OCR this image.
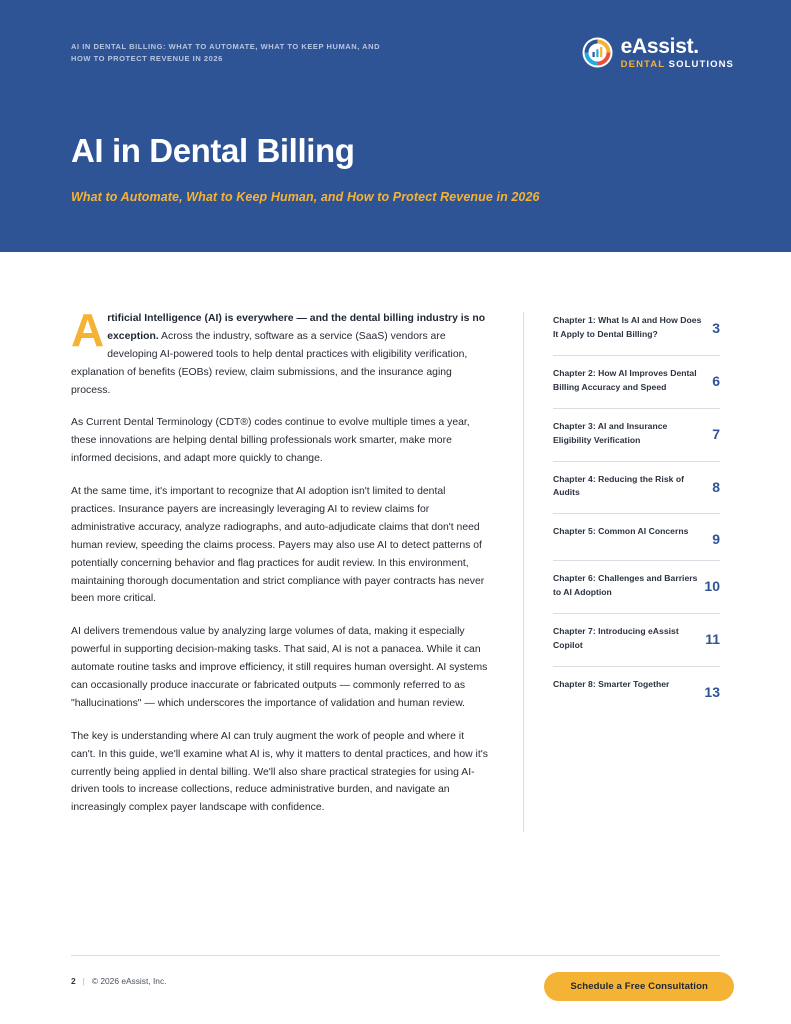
AI IN DENTAL BILLING: WHAT TO AUTOMATE, WHAT TO KEEP HUMAN, AND HOW TO PROTECT REVENUE IN 2026
eAssist.
DENTAL SOLUTIONS
AI in Dental Billing
What to Automate, What to Keep Human, and How to Protect Revenue in 2026

Artificial Intelligence (AI) is everywhere — and the dental billing industry is no exception. Across the industry, software as a service (SaaS) vendors are developing AI-powered tools to help dental practices with eligibility verification, explanation of benefits (EOBs) review, claim submissions, and the insurance aging process.

As Current Dental Terminology (CDT®) codes continue to evolve multiple times a year, these innovations are helping dental billing professionals work smarter, make more informed decisions, and adapt more quickly to change.

At the same time, it's important to recognize that AI adoption isn't limited to dental practices. Insurance payers are increasingly leveraging AI to review claims for administrative accuracy, analyze radiographs, and auto-adjudicate claims that don't need human review, speeding the claims process. Payers may also use AI to detect patterns of potentially concerning behavior and flag practices for audit review. In this environment, maintaining thorough documentation and strict compliance with payer contracts has never been more critical.

AI delivers tremendous value by analyzing large volumes of data, making it especially powerful in supporting decision-making tasks. That said, AI is not a panacea. While it can automate routine tasks and improve efficiency, it still requires human oversight. AI systems can occasionally produce inaccurate or fabricated outputs — commonly referred to as "hallucinations" — which underscores the importance of validation and human review.

The key is understanding where AI can truly augment the work of people and where it can't. In this guide, we'll examine what AI is, why it matters to dental practices, and how it's currently being applied in dental billing. We'll also share practical strategies for using AI-driven tools to increase collections, reduce administrative burden, and navigate an increasingly complex payer landscape with confidence.

Chapter 1: What Is AI and How Does It Apply to Dental Billing?	3
Chapter 2: How AI Improves Dental Billing Accuracy and Speed	6
Chapter 3: AI and Insurance Eligibility Verification	7
Chapter 4: Reducing the Risk of Audits	8
Chapter 5: Common AI Concerns 9
Chapter 6: Challenges and Barriers to AI Adoption	10
Chapter 7: Introducing eAssist Copilot	11
Chapter 8: Smarter Together	13
2 | © 2026 eAssist, Inc.	Schedule a Free Consultation
